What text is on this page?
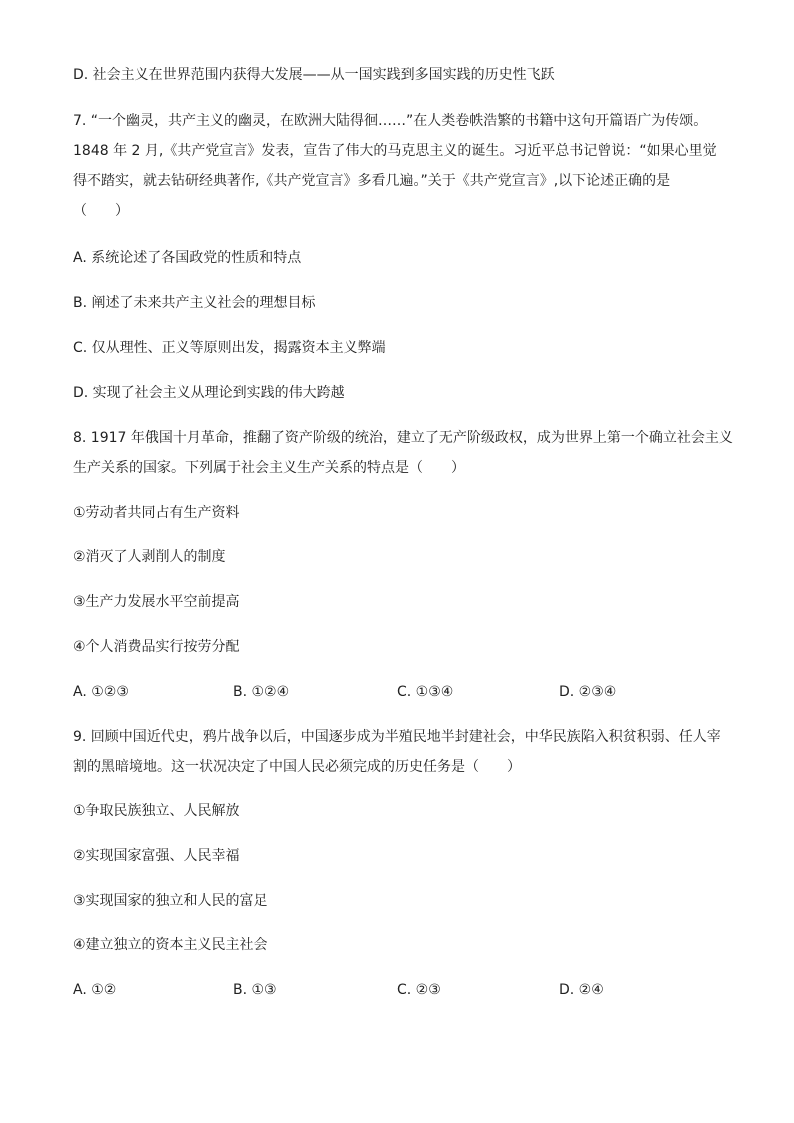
D. 社会主义在世界范围内获得大发展——从一国实践到多国实践的历史性飞跃
7. “一个幽灵，共产主义的幽灵，在欧洲大陆得徊……”在人类卷帙浩繁的书籍中这句开篇语广为传颂。
1848 年 2 月,《共产党宣言》发表，宣告了伟大的马克思主义的诞生。习近平总书记曾说：“如果心里觉
得不踏实，就去钻研经典著作,《共产党宣言》多看几遍。”关于《共产党宣言》,以下论述正确的是
（　　）
A. 系统论述了各国政党的性质和特点
B. 阐述了未来共产主义社会的理想目标
C. 仅从理性、正义等原则出发，揭露资本主义弊端
D. 实现了社会主义从理论到实践的伟大跨越
8. 1917 年俄国十月革命，推翻了资产阶级的统治，建立了无产阶级政权，成为世界上第一个确立社会主义
生产关系的国家。下列属于社会主义生产关系的特点是（　　）
①劳动者共同占有生产资料
②消灭了人剥削人的制度
③生产力发展水平空前提高
④个人消费品实行按劳分配
A. ①②③	B. ①②④	C. ①③④	D. ②③④
9. 回顾中国近代史，鸦片战争以后，中国逐步成为半殖民地半封建社会，中华民族陷入积贫积弱、任人宰
割的黑暗境地。这一状况决定了中国人民必须完成的历史任务是（　　）
①争取民族独立、人民解放
②实现国家富强、人民幸福
③实现国家的独立和人民的富足
④建立独立的资本主义民主社会
A. ①②	B. ①③	C. ②③	D. ②④
